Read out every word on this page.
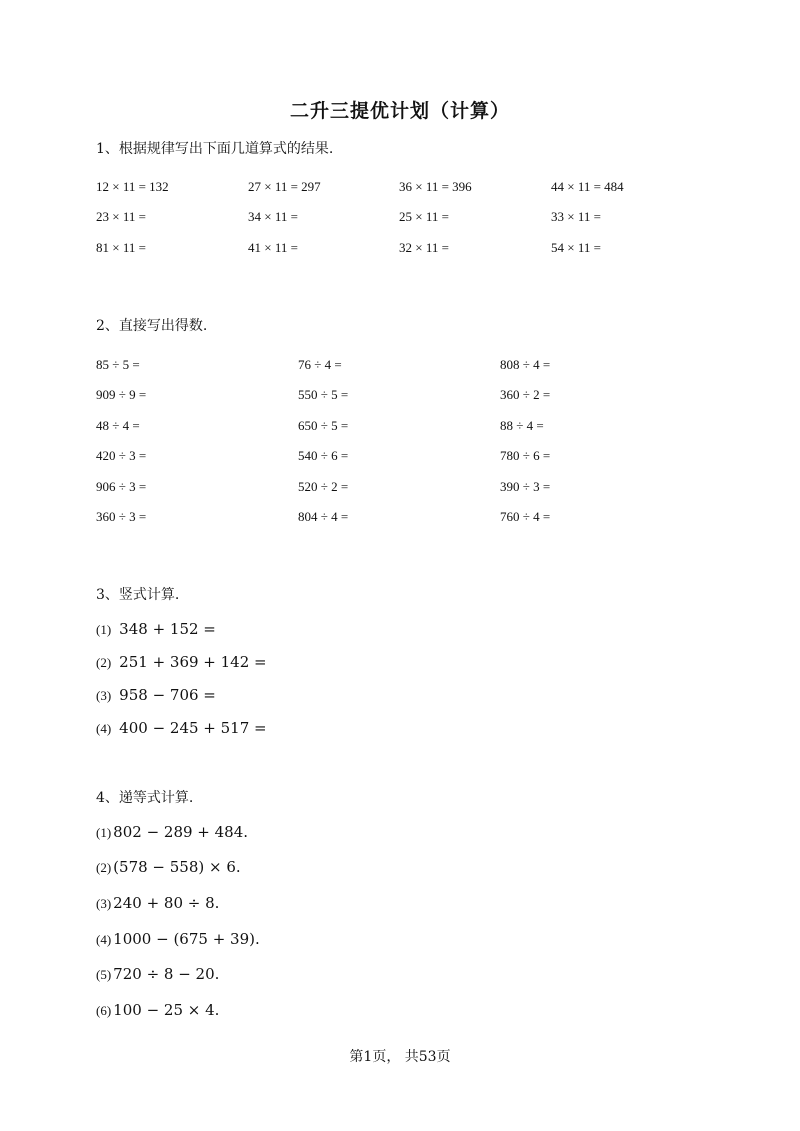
二升三提优计划（计算）
1、根据规律写出下面几道算式的结果.
12 × 11 = 132	27 × 11 = 297	36 × 11 = 396	44 × 11 = 484
23 × 11 =	34 × 11 =	25 × 11 =	33 × 11 =
81 × 11 =	41 × 11 =	32 × 11 =	54 × 11 =
2、直接写出得数.
85 ÷ 5 =	76 ÷ 4 =	808 ÷ 4 =
909 ÷ 9 =	550 ÷ 5 =	360 ÷ 2 =
48 ÷ 4 =	650 ÷ 5 =	88 ÷ 4 =
420 ÷ 3 =	540 ÷ 6 =	780 ÷ 6 =
906 ÷ 3 =	520 ÷ 2 =	390 ÷ 3 =
360 ÷ 3 =	804 ÷ 4 =	760 ÷ 4 =
3、竖式计算.
(1) 348 + 152 =
(2) 251 + 369 + 142 =
(3) 958 − 706 =
(4) 400 − 245 + 517 =
4、递等式计算.
(1) 802 − 289 + 484.
(2) (578 − 558) × 6.
(3) 240 + 80 ÷ 8.
(4) 1000 − (675 + 39).
(5) 720 ÷ 8 − 20.
(6) 100 − 25 × 4.
第1页， 共53页
